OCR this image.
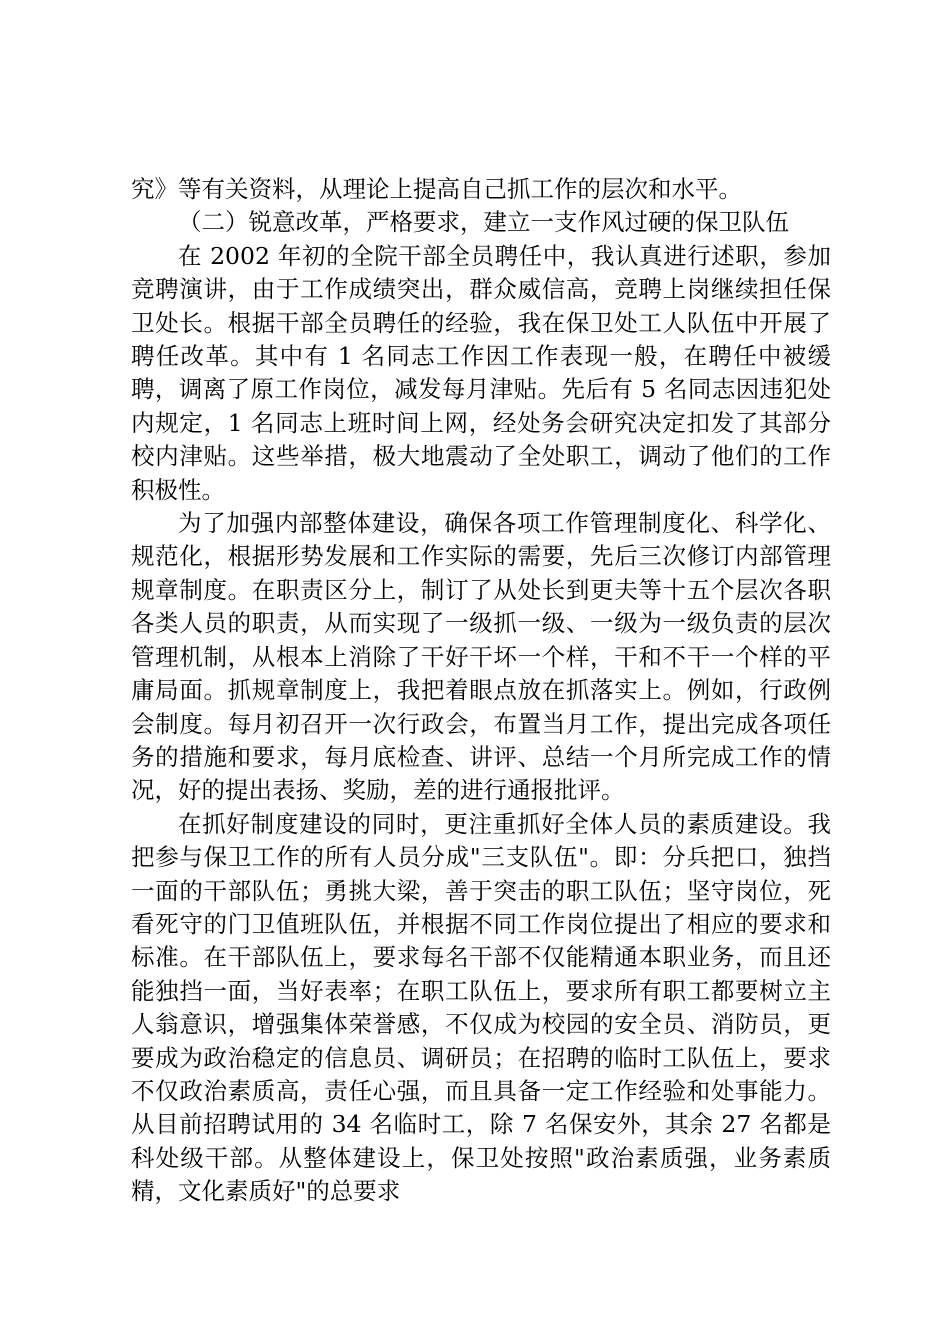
究》等有关资料，从理论上提高自己抓工作的层次和水平。

（二）锐意改革，严格要求，建立一支作风过硬的保卫队伍

在 2002 年初的全院干部全员聘任中，我认真进行述职，参加竞聘演讲，由于工作成绩突出，群众威信高，竞聘上岗继续担任保卫处长。根据干部全员聘任的经验，我在保卫处工人队伍中开展了聘任改革。其中有 1 名同志工作因工作表现一般，在聘任中被缓聘，调离了原工作岗位，减发每月津贴。先后有 5 名同志因违犯处内规定，1 名同志上班时间上网，经处务会研究决定扣发了其部分校内津贴。这些举措，极大地震动了全处职工，调动了他们的工作积极性。

为了加强内部整体建设，确保各项工作管理制度化、科学化、规范化，根据形势发展和工作实际的需要，先后三次修订内部管理规章制度。在职责区分上，制订了从处长到更夫等十五个层次各职各类人员的职责，从而实现了一级抓一级、一级为一级负责的层次管理机制，从根本上消除了干好干坏一个样，干和不干一个样的平庸局面。抓规章制度上，我把着眼点放在抓落实上。例如，行政例会制度。每月初召开一次行政会，布置当月工作，提出完成各项任务的措施和要求，每月底检查、讲评、总结一个月所完成工作的情况，好的提出表扬、奖励，差的进行通报批评。

在抓好制度建设的同时，更注重抓好全体人员的素质建设。我把参与保卫工作的所有人员分成"三支队伍"。即：分兵把口，独挡一面的干部队伍；勇挑大梁，善于突击的职工队伍；坚守岗位，死看死守的门卫值班队伍，并根据不同工作岗位提出了相应的要求和标准。在干部队伍上，要求每名干部不仅能精通本职业务，而且还能独挡一面，当好表率；在职工队伍上，要求所有职工都要树立主人翁意识，增强集体荣誉感，不仅成为校园的安全员、消防员，更要成为政治稳定的信息员、调研员；在招聘的临时工队伍上，要求不仅政治素质高，责任心强，而且具备一定工作经验和处事能力。从目前招聘试用的 34 名临时工，除 7 名保安外，其余 27 名都是科处级干部。从整体建设上，保卫处按照"政治素质强，业务素质精，文化素质好"的总要求
